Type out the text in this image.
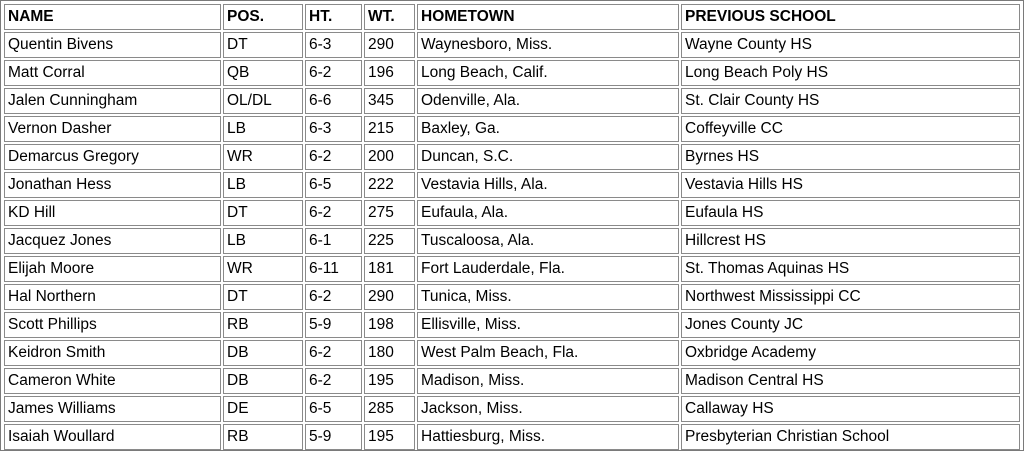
NAME	POS.	HT.	WT.	HOMETOWN	PREVIOUS SCHOOL
Quentin Bivens	DT	6-3	290	Waynesboro, Miss.	Wayne County HS
Matt Corral	QB	6-2	196	Long Beach, Calif.	Long Beach Poly HS
Jalen Cunningham	OL/DL	6-6	345	Odenville, Ala.	St. Clair County HS
Vernon Dasher	LB	6-3	215	Baxley, Ga.	Coffeyville CC
Demarcus Gregory	WR	6-2	200	Duncan, S.C.	Byrnes HS
Jonathan Hess	LB	6-5	222	Vestavia Hills, Ala.	Vestavia Hills HS
KD Hill	DT	6-2	275	Eufaula, Ala.	Eufaula HS
Jacquez Jones	LB	6-1	225	Tuscaloosa, Ala.	Hillcrest HS
Elijah Moore	WR	6-11	181	Fort Lauderdale, Fla.	St. Thomas Aquinas HS
Hal Northern	DT	6-2	290	Tunica, Miss.	Northwest Mississippi CC
Scott Phillips	RB	5-9	198	Ellisville, Miss.	Jones County JC
Keidron Smith	DB	6-2	180	West Palm Beach, Fla.	Oxbridge Academy
Cameron White	DB	6-2	195	Madison, Miss.	Madison Central HS
James Williams	DE	6-5	285	Jackson, Miss.	Callaway HS
Isaiah Woullard	RB	5-9	195	Hattiesburg, Miss.	Presbyterian Christian School
